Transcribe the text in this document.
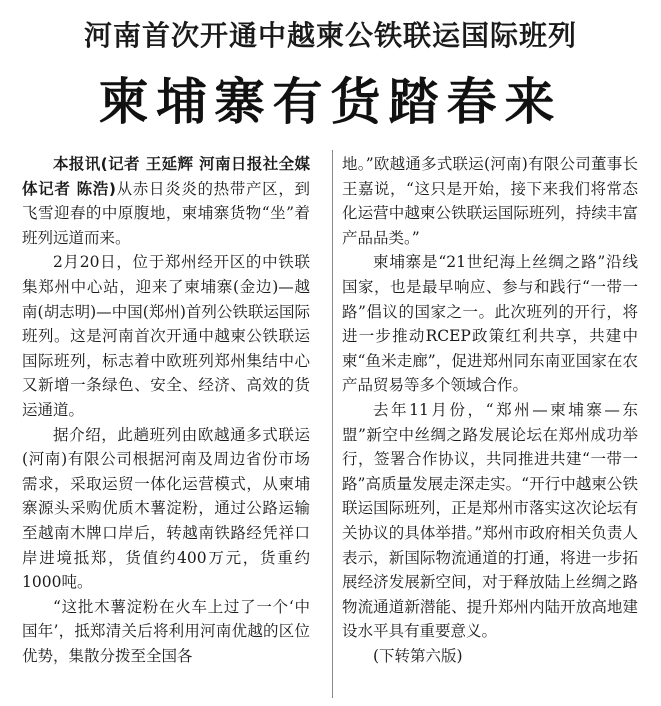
河南首次开通中越柬公铁联运国际班列
柬埔寨有货踏春来

本报讯(记者 王延辉 河南日报社全媒体记者 陈浩)从赤日炎炎的热带产区，到飞雪迎春的中原腹地，柬埔寨货物“坐”着班列远道而来。

2月20日，位于郑州经开区的中铁联集郑州中心站，迎来了柬埔寨(金边)—越南(胡志明)—中国(郑州)首列公铁联运国际班列。这是河南首次开通中越柬公铁联运国际班列，标志着中欧班列郑州集结中心又新增一条绿色、安全、经济、高效的货运通道。

据介绍，此趟班列由欧越通多式联运(河南)有限公司根据河南及周边省份市场需求，采取运贸一体化运营模式，从柬埔寨源头采购优质木薯淀粉，通过公路运输至越南木牌口岸后，转越南铁路经凭祥口岸进境抵郑，货值约400万元，货重约1000吨。

“这批木薯淀粉在火车上过了一个‘中国年’，抵郑清关后将利用河南优越的区位优势，集散分拨至全国各

地。”欧越通多式联运(河南)有限公司董事长王嘉说，“这只是开始，接下来我们将常态化运营中越柬公铁联运国际班列，持续丰富产品品类。”

柬埔寨是“21世纪海上丝绸之路”沿线国家，也是最早响应、参与和践行“一带一路”倡议的国家之一。此次班列的开行，将进一步推动RCEP政策红利共享，共建中柬“鱼米走廊”，促进郑州同东南亚国家在农产品贸易等多个领域合作。

去年11月份，“郑州—柬埔寨—东盟”新空中丝绸之路发展论坛在郑州成功举行，签署合作协议，共同推进共建“一带一路”高质量发展走深走实。“开行中越柬公铁联运国际班列，正是郑州市落实这次论坛有关协议的具体举措。”郑州市政府相关负责人表示，新国际物流通道的打通，将进一步拓展经济发展新空间，对于释放陆上丝绸之路物流通道新潜能、提升郑州内陆开放高地建设水平具有重要意义。

(下转第六版)
